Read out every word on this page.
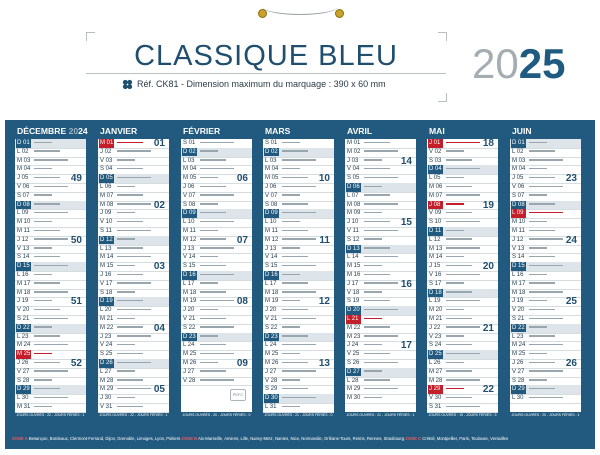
CLASSIQUE BLEU
Réf. CK81 - Dimension maximum du marquage : 390 x 60 mm 2025
DÉCEMBRE 2024
D 01
L 02
M 03
M 04
J 05
V 06
S 07
D 08
L 09
M 10
M 11
J 12
V 13
S 14
D 15
L 16
M 17
M 18
J 19
V 20
S 21
D 22
L 23
M 24
M 25
J 26
V 27
S 28
D 29
L 30
M 31
49
50
51
52
JOURS OUVRÉS : 22 - JOURS FÉRIÉS : 1
JANVIER
M 01
J 02
V 03
S 04
D 05
L 06
M 07
M 08
J 09
V 10
S 11
D 12
L 13
M 14
M 15
J 16
V 17
S 18
D 19
L 20
M 21
M 22
J 23
V 24
S 25
D 26
L 27
M 28
M 29
J 30
V 31
01
02
03
04
05
JOURS OUVRÉS : 22 - JOURS FÉRIÉS : 1
FÉVRIER
S 01
D 02
L 03
M 04
M 05
J 06
V 07
S 08
D 09
L 10
M 11
M 12
J 13
V 14
S 15
D 16
L 17
M 18
M 19
J 20
V 21
S 22
D 23
L 24
M 25
M 26
J 27
V 28
06
07
08
09
JOURS OUVRÉS : 20 - JOURS FÉRIÉS : 0
MARS
S 01
D 02
L 03
M 04
M 05
J 06
V 07
S 08
D 09
L 10
M 11
M 12
J 13
V 14
S 15
D 16
L 17
M 18
M 19
J 20
V 21
S 22
D 23
L 24
M 25
M 26
J 27
V 28
S 29
D 30
L 31
10
11
12
13
JOURS OUVRÉS : 21 - JOURS FÉRIÉS : 0
AVRIL
M 01
M 02
J 03
V 04
S 05
D 06
L 07
M 08
M 09
J 10
V 11
S 12
D 13
L 14
M 15
M 16
J 17
V 18
S 19
D 20
L 21
M 22
M 23
J 24
V 25
S 26
D 27
L 28
M 29
M 30
14
15
16
17
JOURS OUVRÉS : 21 - JOURS FÉRIÉS : 1
MAI
J 01
V 02
S 03
D 04
L 05
M 06
M 07
J 08
V 09
S 10
D 11
L 12
M 13
M 14
J 15
V 16
S 17
D 18
L 19
M 20
M 21
J 22
V 23
S 24
D 25
L 26
M 27
M 28
J 29
V 30
S 31
18
19
20
21
22
JOURS OUVRÉS : 19 - JOURS FÉRIÉS : 3
JUIN
D 01
L 02
M 03
M 04
J 05
V 06
S 07
D 08
L 09
M 10
M 11
J 12
V 13
S 14
D 15
L 16
M 17
M 18
J 19
V 20
S 21
D 22
L 23
M 24
M 25
J 26
V 27
S 28
D 29
L 30
23
24
25
26
JOURS OUVRÉS : 20 - JOURS FÉRIÉS : 1
PEFC
ZONE A Besançon, Bordeaux, Clermont-Ferrand, Dijon, Grenoble, Limoges, Lyon, Poitiers ZONE B Aix-Marseille, Amiens, Lille, Nancy-Metz, Nantes, Nice, Normandie, Orléans-Tours, Reims, Rennes, Strasbourg ZONE C Créteil, Montpellier, Paris, Toulouse, Versailles
